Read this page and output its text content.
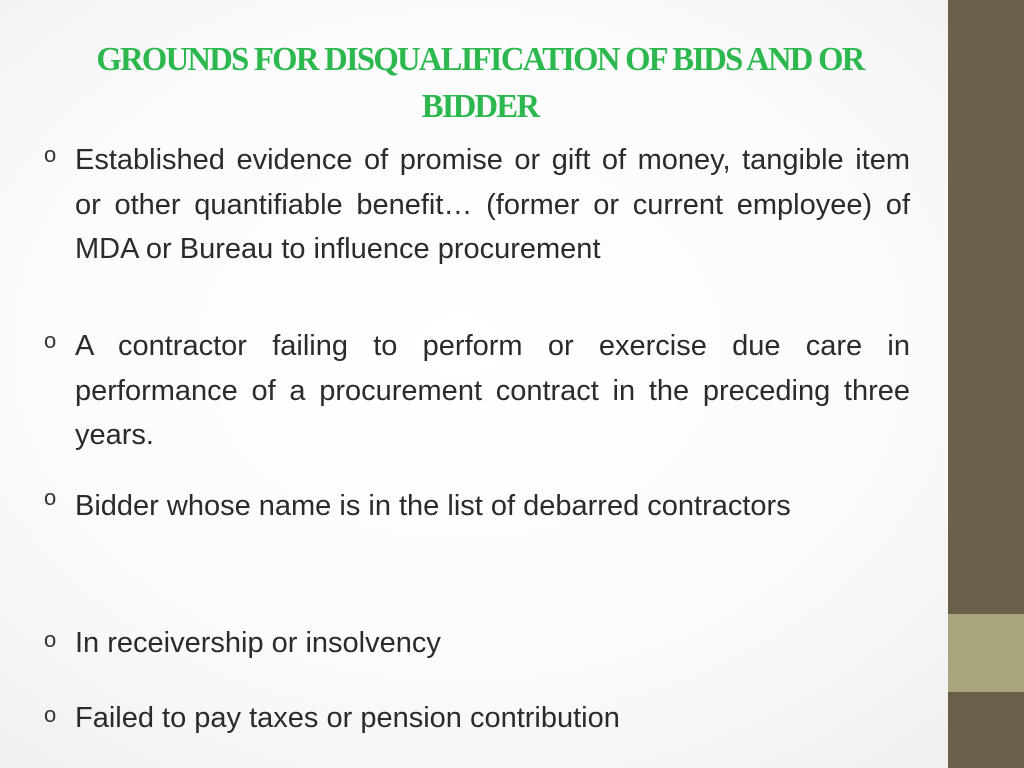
GROUNDS FOR DISQUALIFICATION OF BIDS AND OR BIDDER
o Established evidence of promise or gift of money, tangible item or other quantifiable benefit… (former or current employee) of MDA or Bureau to influence procurement
o A contractor failing to perform or exercise due care in performance of a procurement contract in the preceding three years.
o Bidder whose name is in the list of debarred contractors
o In receivership or insolvency
o Failed to pay taxes or pension contribution
